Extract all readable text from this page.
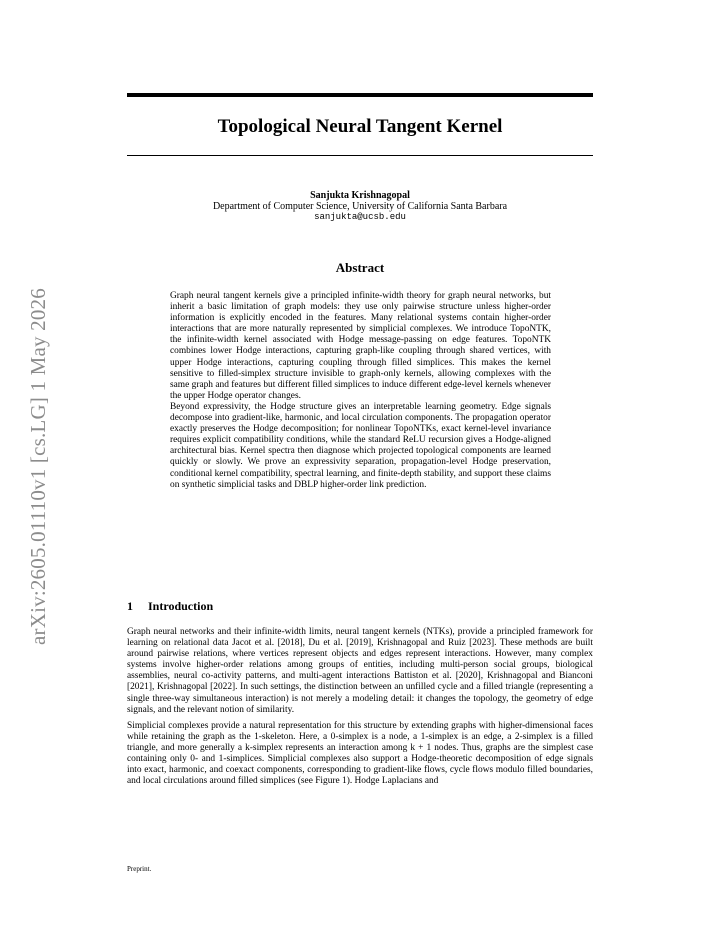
arXiv:2605.01110v1 [cs.LG] 1 May 2026
Topological Neural Tangent Kernel
Sanjukta Krishnagopal
Department of Computer Science, University of California Santa Barbara
sanjukta@ucsb.edu
Abstract

Graph neural tangent kernels give a principled infinite-width theory for graph neural networks, but inherit a basic limitation of graph models: they use only pairwise structure unless higher-order information is explicitly encoded in the features. Many relational systems contain higher-order interactions that are more naturally represented by simplicial complexes. We introduce TopoNTK, the infinite-width kernel associated with Hodge message-passing on edge features. TopoNTK combines lower Hodge interactions, capturing graph-like coupling through shared vertices, with upper Hodge interactions, capturing coupling through filled simplices. This makes the kernel sensitive to filled-simplex structure invisible to graph-only kernels, allowing complexes with the same graph and features but different filled simplices to induce different edge-level kernels whenever the upper Hodge operator changes.

Beyond expressivity, the Hodge structure gives an interpretable learning geometry. Edge signals decompose into gradient-like, harmonic, and local circulation components. The propagation operator exactly preserves the Hodge decomposition; for nonlinear TopoNTKs, exact kernel-level invariance requires explicit compatibility conditions, while the standard ReLU recursion gives a Hodge-aligned architectural bias. Kernel spectra then diagnose which projected topological components are learned quickly or slowly. We prove an expressivity separation, propagation-level Hodge preservation, conditional kernel compatibility, spectral learning, and finite-depth stability, and support these claims on synthetic simplicial tasks and DBLP higher-order link prediction.

1 Introduction

Graph neural networks and their infinite-width limits, neural tangent kernels (NTKs), provide a principled framework for learning on relational data Jacot et al. [2018], Du et al. [2019], Krishnagopal and Ruiz [2023]. These methods are built around pairwise relations, where vertices represent objects and edges represent interactions. However, many complex systems involve higher-order relations among groups of entities, including multi-person social groups, biological assemblies, neural co-activity patterns, and multi-agent interactions Battiston et al. [2020], Krishnagopal and Bianconi [2021], Krishnagopal [2022]. In such settings, the distinction between an unfilled cycle and a filled triangle (representing a single three-way simultaneous interaction) is not merely a modeling detail: it changes the topology, the geometry of edge signals, and the relevant notion of similarity.

Simplicial complexes provide a natural representation for this structure by extending graphs with higher-dimensional faces while retaining the graph as the 1-skeleton. Here, a 0-simplex is a node, a 1-simplex is an edge, a 2-simplex is a filled triangle, and more generally a k-simplex represents an interaction among k + 1 nodes. Thus, graphs are the simplest case containing only 0- and 1-simplices. Simplicial complexes also support a Hodge-theoretic decomposition of edge signals into exact, harmonic, and coexact components, corresponding to gradient-like flows, cycle flows modulo filled boundaries, and local circulations around filled simplices (see Figure 1). Hodge Laplacians and

Preprint.
